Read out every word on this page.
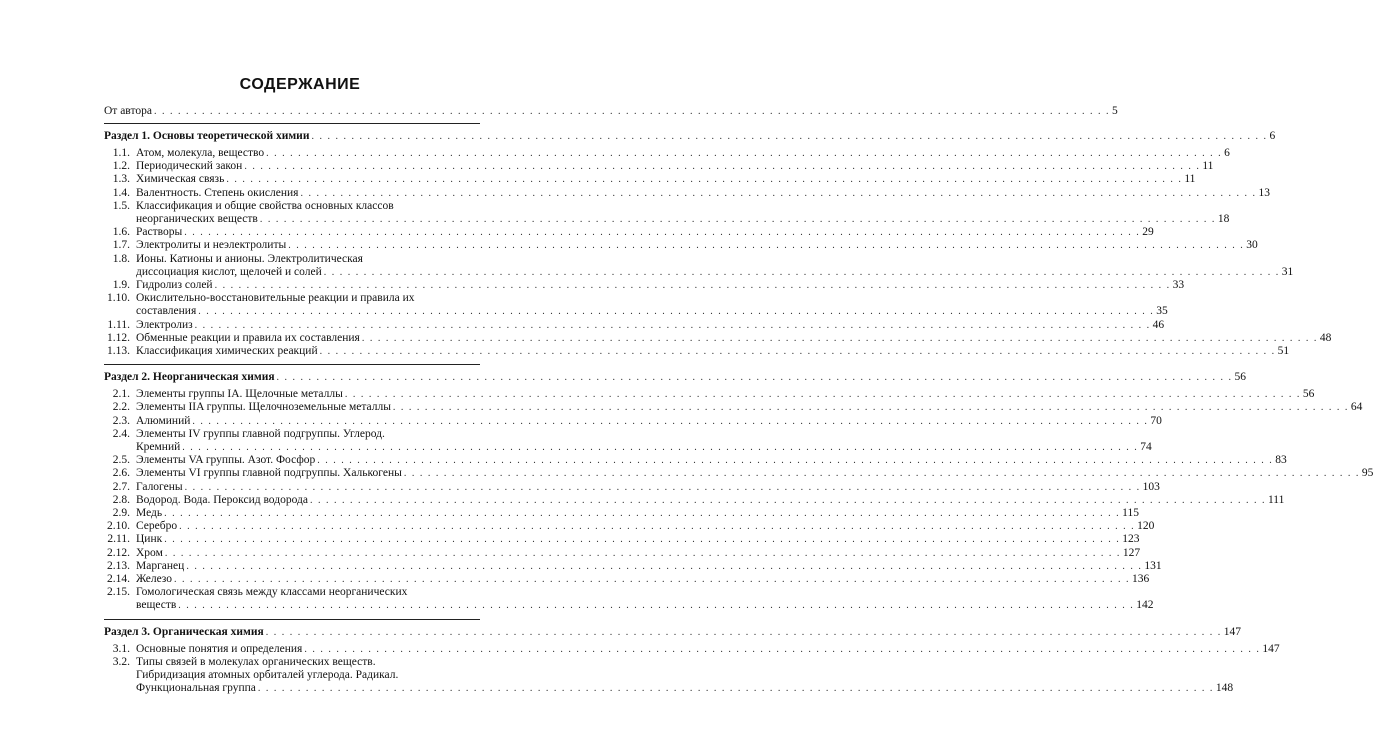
СОДЕРЖАНИЕ
От автора . . . . . . . . . . . . . . . . . . . . . . . . . . . . . . . . . . . . . . . . . . . . . . . . . . . . . . . . . . . . . . . . . . . . . . . . . . . . . . . . . . . . . . . . . . . . . . . . . . . . . . . . . . . . . . . . . . . . . . . . 5
Раздел 1. Основы теоретической химии . . . . . . . . . . . . . . . . . . . . . . . . . . . . . . . . . . . . . . . . . . . . . . . . . . . . . . . . . . . . . . . . . . . . . . . . . . . . . . . . . . . . . . . . . . . . . . . . . . . . . . . . . . . . . . . . . . . . . . . . 6
1.1. Атом, молекула, вещество . . . . . . . . . . . . . . . . . . . . . . . . . . . . . . . . . . . . . . . . . . . . . . . . . . . . . . . . . . . . . . . . . . . . . . . . . . . . . . . . . . . . . . . . . . . . . . . . . . . . . . . . . . . . . . . . . . . . . . . . 6
1.2. Периодический закон . . . . . . . . . . . . . . . . . . . . . . . . . . . . . . . . . . . . . . . . . . . . . . . . . . . . . . . . . . . . . . . . . . . . . . . . . . . . . . . . . . . . . . . . . . . . . . . . . . . . . . . . . . . . . . . . . . . . . . . . 11
1.3. Химическая связь . . . . . . . . . . . . . . . . . . . . . . . . . . . . . . . . . . . . . . . . . . . . . . . . . . . . . . . . . . . . . . . . . . . . . . . . . . . . . . . . . . . . . . . . . . . . . . . . . . . . . . . . . . . . . . . . . . . . . . . . 11
1.4. Валентность. Степень окисления . . . . . . . . . . . . . . . . . . . . . . . . . . . . . . . . . . . . . . . . . . . . . . . . . . . . . . . . . . . . . . . . . . . . . . . . . . . . . . . . . . . . . . . . . . . . . . . . . . . . . . . . . . . . . . . . . . . . . . . . 13
1.5. Классификация и общие свойства основных классов
неорганических веществ . . . . . . . . . . . . . . . . . . . . . . . . . . . . . . . . . . . . . . . . . . . . . . . . . . . . . . . . . . . . . . . . . . . . . . . . . . . . . . . . . . . . . . . . . . . . . . . . . . . . . . . . . . . . . . . . . . . . . . . . 18
1.6. Растворы . . . . . . . . . . . . . . . . . . . . . . . . . . . . . . . . . . . . . . . . . . . . . . . . . . . . . . . . . . . . . . . . . . . . . . . . . . . . . . . . . . . . . . . . . . . . . . . . . . . . . . . . . . . . . . . . . . . . . . . . 29
1.7. Электролиты и неэлектролиты . . . . . . . . . . . . . . . . . . . . . . . . . . . . . . . . . . . . . . . . . . . . . . . . . . . . . . . . . . . . . . . . . . . . . . . . . . . . . . . . . . . . . . . . . . . . . . . . . . . . . . . . . . . . . . . . . . . . . . . . 30
1.8. Ионы. Катионы и анионы. Электролитическая
диссоциация кислот, щелочей и солей . . . . . . . . . . . . . . . . . . . . . . . . . . . . . . . . . . . . . . . . . . . . . . . . . . . . . . . . . . . . . . . . . . . . . . . . . . . . . . . . . . . . . . . . . . . . . . . . . . . . . . . . . . . . . . . . . . . . . . . . 31
1.9. Гидролиз солей . . . . . . . . . . . . . . . . . . . . . . . . . . . . . . . . . . . . . . . . . . . . . . . . . . . . . . . . . . . . . . . . . . . . . . . . . . . . . . . . . . . . . . . . . . . . . . . . . . . . . . . . . . . . . . . . . . . . . . . . 33
1.10. Окислительно-восстановительные реакции и правила их
составления . . . . . . . . . . . . . . . . . . . . . . . . . . . . . . . . . . . . . . . . . . . . . . . . . . . . . . . . . . . . . . . . . . . . . . . . . . . . . . . . . . . . . . . . . . . . . . . . . . . . . . . . . . . . . . . . . . . . . . . . 35
1.11. Электролиз . . . . . . . . . . . . . . . . . . . . . . . . . . . . . . . . . . . . . . . . . . . . . . . . . . . . . . . . . . . . . . . . . . . . . . . . . . . . . . . . . . . . . . . . . . . . . . . . . . . . . . . . . . . . . . . . . . . . . . . . 46
1.12. Обменные реакции и правила их составления . . . . . . . . . . . . . . . . . . . . . . . . . . . . . . . . . . . . . . . . . . . . . . . . . . . . . . . . . . . . . . . . . . . . . . . . . . . . . . . . . . . . . . . . . . . . . . . . . . . . . . . . . . . . . . . . . . . . . . . . 48
1.13. Классификация химических реакций . . . . . . . . . . . . . . . . . . . . . . . . . . . . . . . . . . . . . . . . . . . . . . . . . . . . . . . . . . . . . . . . . . . . . . . . . . . . . . . . . . . . . . . . . . . . . . . . . . . . . . . . . . . . . . . . . . . . . . . . 51
Раздел 2. Неорганическая химия . . . . . . . . . . . . . . . . . . . . . . . . . . . . . . . . . . . . . . . . . . . . . . . . . . . . . . . . . . . . . . . . . . . . . . . . . . . . . . . . . . . . . . . . . . . . . . . . . . . . . . . . . . . . . . . . . . . . . . . . 56
2.1. Элементы группы IA. Щелочные металлы . . . . . . . . . . . . . . . . . . . . . . . . . . . . . . . . . . . . . . . . . . . . . . . . . . . . . . . . . . . . . . . . . . . . . . . . . . . . . . . . . . . . . . . . . . . . . . . . . . . . . . . . . . . . . . . . . . . . . . . . 56
2.2. Элементы IIA группы. Щелочноземельные металлы . . . . . . . . . . . . . . . . . . . . . . . . . . . . . . . . . . . . . . . . . . . . . . . . . . . . . . . . . . . . . . . . . . . . . . . . . . . . . . . . . . . . . . . . . . . . . . . . . . . . . . . . . . . . . . . . . . . . . . . . 64
2.3. Алюминий . . . . . . . . . . . . . . . . . . . . . . . . . . . . . . . . . . . . . . . . . . . . . . . . . . . . . . . . . . . . . . . . . . . . . . . . . . . . . . . . . . . . . . . . . . . . . . . . . . . . . . . . . . . . . . . . . . . . . . . . 70
2.4. Элементы IV группы главной подгруппы. Углерод.
Кремний . . . . . . . . . . . . . . . . . . . . . . . . . . . . . . . . . . . . . . . . . . . . . . . . . . . . . . . . . . . . . . . . . . . . . . . . . . . . . . . . . . . . . . . . . . . . . . . . . . . . . . . . . . . . . . . . . . . . . . . . 74
2.5. Элементы VA группы. Азот. Фосфор . . . . . . . . . . . . . . . . . . . . . . . . . . . . . . . . . . . . . . . . . . . . . . . . . . . . . . . . . . . . . . . . . . . . . . . . . . . . . . . . . . . . . . . . . . . . . . . . . . . . . . . . . . . . . . . . . . . . . . . . 83
2.6. Элементы VI группы главной подгруппы. Халькогены . . . . . . . . . . . . . . . . . . . . . . . . . . . . . . . . . . . . . . . . . . . . . . . . . . . . . . . . . . . . . . . . . . . . . . . . . . . . . . . . . . . . . . . . . . . . . . . . . . . . . . . . . . . . . . . . . . . . . . . . 95
2.7. Галогены . . . . . . . . . . . . . . . . . . . . . . . . . . . . . . . . . . . . . . . . . . . . . . . . . . . . . . . . . . . . . . . . . . . . . . . . . . . . . . . . . . . . . . . . . . . . . . . . . . . . . . . . . . . . . . . . . . . . . . . . 103
2.8. Водород. Вода. Пероксид водорода . . . . . . . . . . . . . . . . . . . . . . . . . . . . . . . . . . . . . . . . . . . . . . . . . . . . . . . . . . . . . . . . . . . . . . . . . . . . . . . . . . . . . . . . . . . . . . . . . . . . . . . . . . . . . . . . . . . . . . . . 111
2.9. Медь . . . . . . . . . . . . . . . . . . . . . . . . . . . . . . . . . . . . . . . . . . . . . . . . . . . . . . . . . . . . . . . . . . . . . . . . . . . . . . . . . . . . . . . . . . . . . . . . . . . . . . . . . . . . . . . . . . . . . . . . 115
2.10. Серебро . . . . . . . . . . . . . . . . . . . . . . . . . . . . . . . . . . . . . . . . . . . . . . . . . . . . . . . . . . . . . . . . . . . . . . . . . . . . . . . . . . . . . . . . . . . . . . . . . . . . . . . . . . . . . . . . . . . . . . . . 120
2.11. Цинк . . . . . . . . . . . . . . . . . . . . . . . . . . . . . . . . . . . . . . . . . . . . . . . . . . . . . . . . . . . . . . . . . . . . . . . . . . . . . . . . . . . . . . . . . . . . . . . . . . . . . . . . . . . . . . . . . . . . . . . . 123
2.12. Хром . . . . . . . . . . . . . . . . . . . . . . . . . . . . . . . . . . . . . . . . . . . . . . . . . . . . . . . . . . . . . . . . . . . . . . . . . . . . . . . . . . . . . . . . . . . . . . . . . . . . . . . . . . . . . . . . . . . . . . . . 127
2.13. Марганец . . . . . . . . . . . . . . . . . . . . . . . . . . . . . . . . . . . . . . . . . . . . . . . . . . . . . . . . . . . . . . . . . . . . . . . . . . . . . . . . . . . . . . . . . . . . . . . . . . . . . . . . . . . . . . . . . . . . . . . . 131
2.14. Железо . . . . . . . . . . . . . . . . . . . . . . . . . . . . . . . . . . . . . . . . . . . . . . . . . . . . . . . . . . . . . . . . . . . . . . . . . . . . . . . . . . . . . . . . . . . . . . . . . . . . . . . . . . . . . . . . . . . . . . . . 136
2.15. Гомологическая связь между классами неорганических
веществ . . . . . . . . . . . . . . . . . . . . . . . . . . . . . . . . . . . . . . . . . . . . . . . . . . . . . . . . . . . . . . . . . . . . . . . . . . . . . . . . . . . . . . . . . . . . . . . . . . . . . . . . . . . . . . . . . . . . . . . . 142
Раздел 3. Органическая химия . . . . . . . . . . . . . . . . . . . . . . . . . . . . . . . . . . . . . . . . . . . . . . . . . . . . . . . . . . . . . . . . . . . . . . . . . . . . . . . . . . . . . . . . . . . . . . . . . . . . . . . . . . . . . . . . . . . . . . . . 147
3.1. Основные понятия и определения . . . . . . . . . . . . . . . . . . . . . . . . . . . . . . . . . . . . . . . . . . . . . . . . . . . . . . . . . . . . . . . . . . . . . . . . . . . . . . . . . . . . . . . . . . . . . . . . . . . . . . . . . . . . . . . . . . . . . . . . 147
3.2. Типы связей в молекулах органических веществ.
Гибридизация атомных орбиталей углерода. Радикал.
Функциональная группа . . . . . . . . . . . . . . . . . . . . . . . . . . . . . . . . . . . . . . . . . . . . . . . . . . . . . . . . . . . . . . . . . . . . . . . . . . . . . . . . . . . . . . . . . . . . . . . . . . . . . . . . . . . . . . . . . . . . . . . . 148
